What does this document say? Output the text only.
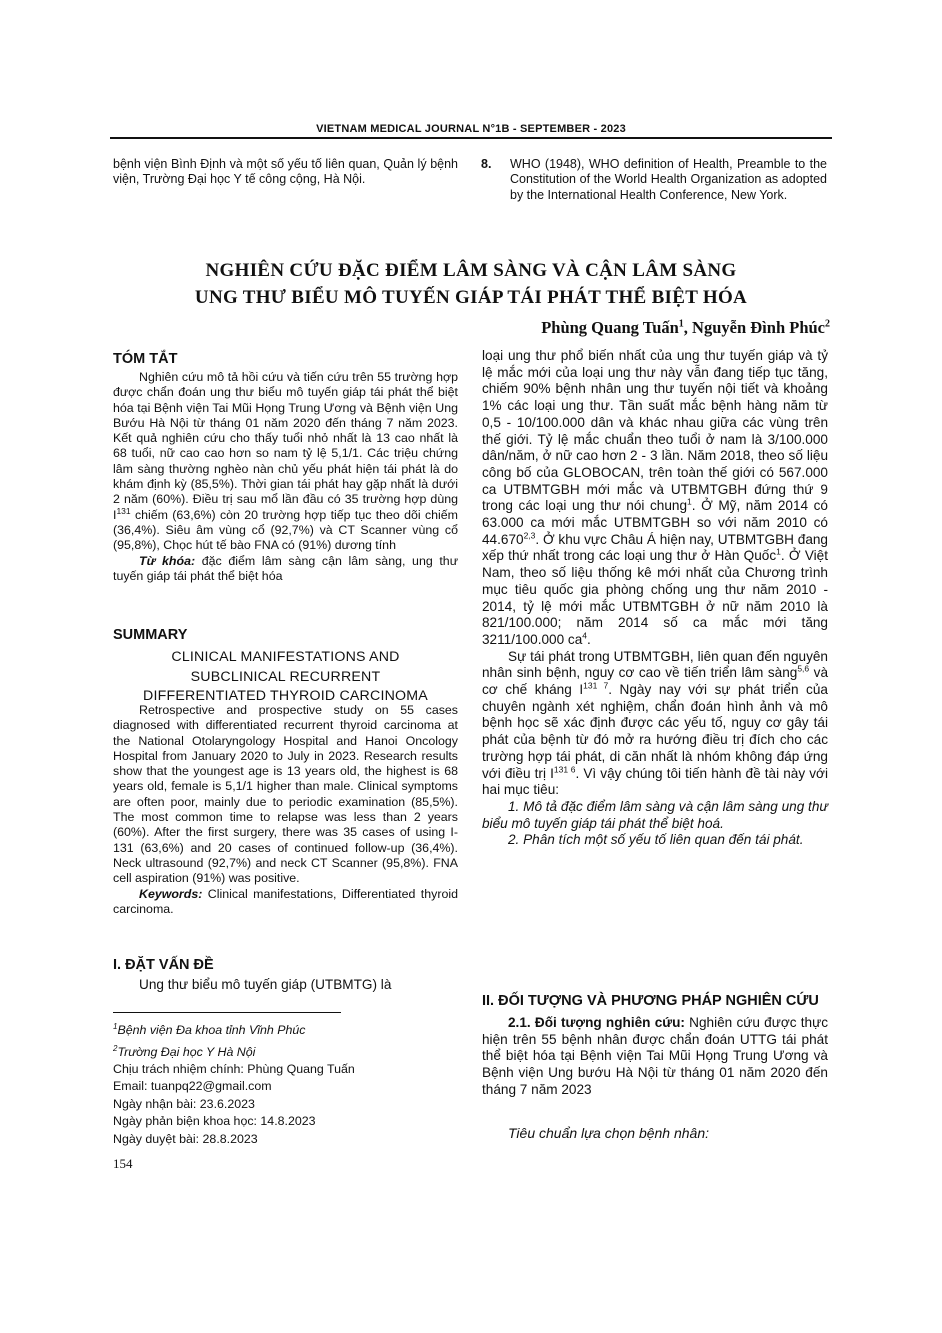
VIETNAM MEDICAL JOURNAL N°1B - SEPTEMBER - 2023
bệnh viện Bình Định và một số yếu tố liên quan, Quản lý bệnh viện, Trường Đại học Y tế công cộng, Hà Nội.
8. WHO (1948), WHO definition of Health, Preamble to the Constitution of the World Health Organization as adopted by the International Health Conference, New York.
NGHIÊN CỨU ĐẶC ĐIỂM LÂM SÀNG VÀ CẬN LÂM SÀNG
UNG THƯ BIỂU MÔ TUYẾN GIÁP TÁI PHÁT THỂ BIỆT HÓA
Phùng Quang Tuấn$^1$, Nguyễn Đình Phúc$^2$
TÓM TẮT

Nghiên cứu mô tả hồi cứu và tiến cứu trên 55 trường hợp được chẩn đoán ung thư biểu mô tuyến giáp tái phát thể biệt hóa tại Bệnh viện Tai Mũi Họng Trung Ương và Bệnh viện Ung Bướu Hà Nội từ tháng 01 năm 2020 đến tháng 7 năm 2023. Kết quả nghiên cứu cho thấy tuổi nhỏ nhất là 13 cao nhất là 68 tuổi, nữ cao cao hơn so nam tỷ lệ 5,1/1. Các triệu chứng lâm sàng thường nghèo nàn chủ yếu phát hiện tái phát là do khám định kỳ (85,5%). Thời gian tái phát hay gặp nhất là dưới 2 năm (60%). Điều trị sau mổ lần đầu có 35 trường hợp dùng $I^{131}$ chiếm (63,6%) còn 20 trường hợp tiếp tục theo dõi chiếm (36,4%). Siêu âm vùng cổ (92,7%) và CT Scanner vùng cổ (95,8%), Chọc hút tế bào FNA có (91%) dương tính

Từ khóa: đặc điểm lâm sàng cận lâm sàng, ung thư tuyến giáp tái phát thể biệt hóa

SUMMARY
CLINICAL MANIFESTATIONS AND
SUBCLINICAL RECURRENT
DIFFERENTIATED THYROID CARCINOMA

Retrospective and prospective study on 55 cases diagnosed with differentiated recurrent thyroid carcinoma at the National Otolaryngology Hospital and Hanoi Oncology Hospital from January 2020 to July in 2023. Research results show that the youngest age is 13 years old, the highest is 68 years old, female is 5,1/1 higher than male. Clinical symptoms are often poor, mainly due to periodic examination (85,5%). The most common time to relapse was less than 2 years (60%). After the first surgery, there was 35 cases of using I-131 (63,6%) and 20 cases of continued follow-up (36,4%). Neck ultrasound (92,7%) and neck CT Scanner (95,8%). FNA cell aspiration (91%) was positive.

Keywords: Clinical manifestations, Differentiated thyroid carcinoma.

I. ĐẶT VẤN ĐỀ

Ung thư biểu mô tuyến giáp (UTBMTG) là

$^1$Bệnh viện Đa khoa tỉnh Vĩnh Phúc
$^2$Trường Đại học Y Hà Nội
Chịu trách nhiệm chính: Phùng Quang Tuấn
Email: tuanpq22@gmail.com
Ngày nhận bài: 23.6.2023
Ngày phản biện khoa học: 14.8.2023
Ngày duyệt bài: 28.8.2023
154

loại ung thư phổ biến nhất của ung thư tuyến giáp và tỷ lệ mắc mới của loại ung thư này vẫn đang tiếp tục tăng, chiếm 90% bệnh nhân ung thư tuyến nội tiết và khoảng 1% các loại ung thư. Tần suất mắc bệnh hàng năm từ 0,5 - 10/100.000 dân và khác nhau giữa các vùng trên thế giới. Tỷ lệ mắc chuẩn theo tuổi ở nam là 3/100.000 dân/năm, ở nữ cao hơn 2 - 3 lần. Năm 2018, theo số liệu công bố của GLOBOCAN, trên toàn thế giới có 567.000 ca UTBMTGBH mới mắc và UTBMTGBH đứng thứ 9 trong các loại ung thư nói chung$^1$. Ở Mỹ, năm 2014 có 63.000 ca mới mắc UTBMTGBH so với năm 2010 có 44.670$^{2,3}$. Ở khu vực Châu Á hiện nay, UTBMTGBH đang xếp thứ nhất trong các loại ung thư ở Hàn Quốc$^1$. Ở Việt Nam, theo số liệu thống kê mới nhất của Chương trình mục tiêu quốc gia phòng chống ung thư năm 2010 - 2014, tỷ lệ mới mắc UTBMTGBH ở nữ năm 2010 là 821/100.000; năm 2014 số ca mắc mới tăng 3211/100.000 $ca^4$.

Sự tái phát trong UTBMTGBH, liên quan đến nguyên nhân sinh bệnh, nguy cơ cao về tiến triển lâm sàng$^{5,6}$ và cơ chế kháng $I^{131 7}$. Ngày nay với sự phát triển của chuyên ngành xét nghiệm, chẩn đoán hình ảnh và mô bệnh học sẽ xác định được các yếu tố, nguy cơ gây tái phát của bệnh từ đó mở ra hướng điều trị đích cho các trường hợp tái phát, di căn nhất là nhóm không đáp ứng với điều trị $I^{131 6}$. Vì vậy chúng tôi tiến hành đề tài này với hai mục tiêu:

1. Mô tả đặc điểm lâm sàng và cận lâm sàng ung thư biểu mô tuyến giáp tái phát thể biệt hoá.

2. Phân tích một số yếu tố liên quan đến tái phát.

II. ĐỐI TƯỢNG VÀ PHƯƠNG PHÁP NGHIÊN CỨU

2.1. Đối tượng nghiên cứu: Nghiên cứu được thực hiện trên 55 bệnh nhân được chẩn đoán UTTG tái phát thể biệt hóa tại Bệnh viện Tai Mũi Họng Trung Ương và Bệnh viện Ung bướu Hà Nội từ tháng 01 năm 2020 đến tháng 7 năm 2023

Tiêu chuẩn lựa chọn bệnh nhân:
